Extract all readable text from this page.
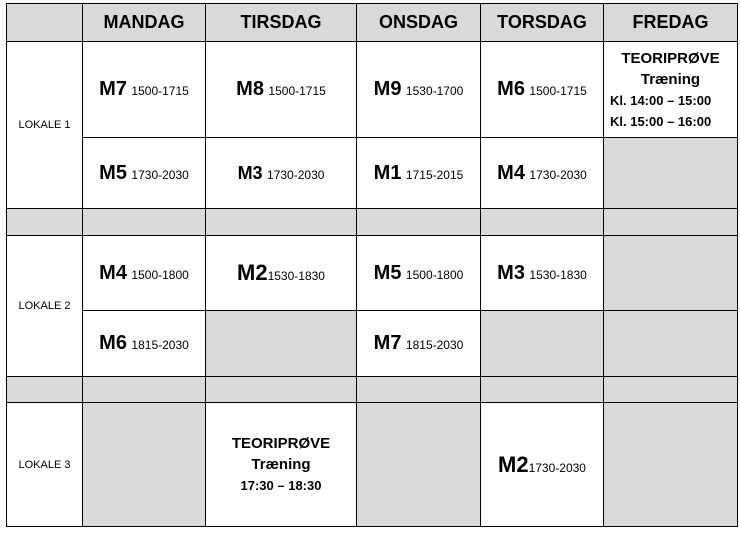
	MANDAG	TIRSDAG	ONSDAG	TORSDAG	FREDAG
LOKALE 1	M7 1500-1715	M8 1500-1715	M9 1530-1700	M6 1500-1715	TEORIPRØVE
Træning
Kl. 14:00 – 15:00
Kl. 15:00 – 16:00

	M5 1730-2030	M3 1730-2030	M1 1715-2015	M4 1730-2030	

LOKALE 2	M4 1500-1800	M21530-1830	M5 1500-1800	M3 1530-1830	
	M6 1815-2030		M7 1815-2030		

LOKALE 3		TEORIPRØVE
Træning
17:30 – 18:30		M21730-2030	
